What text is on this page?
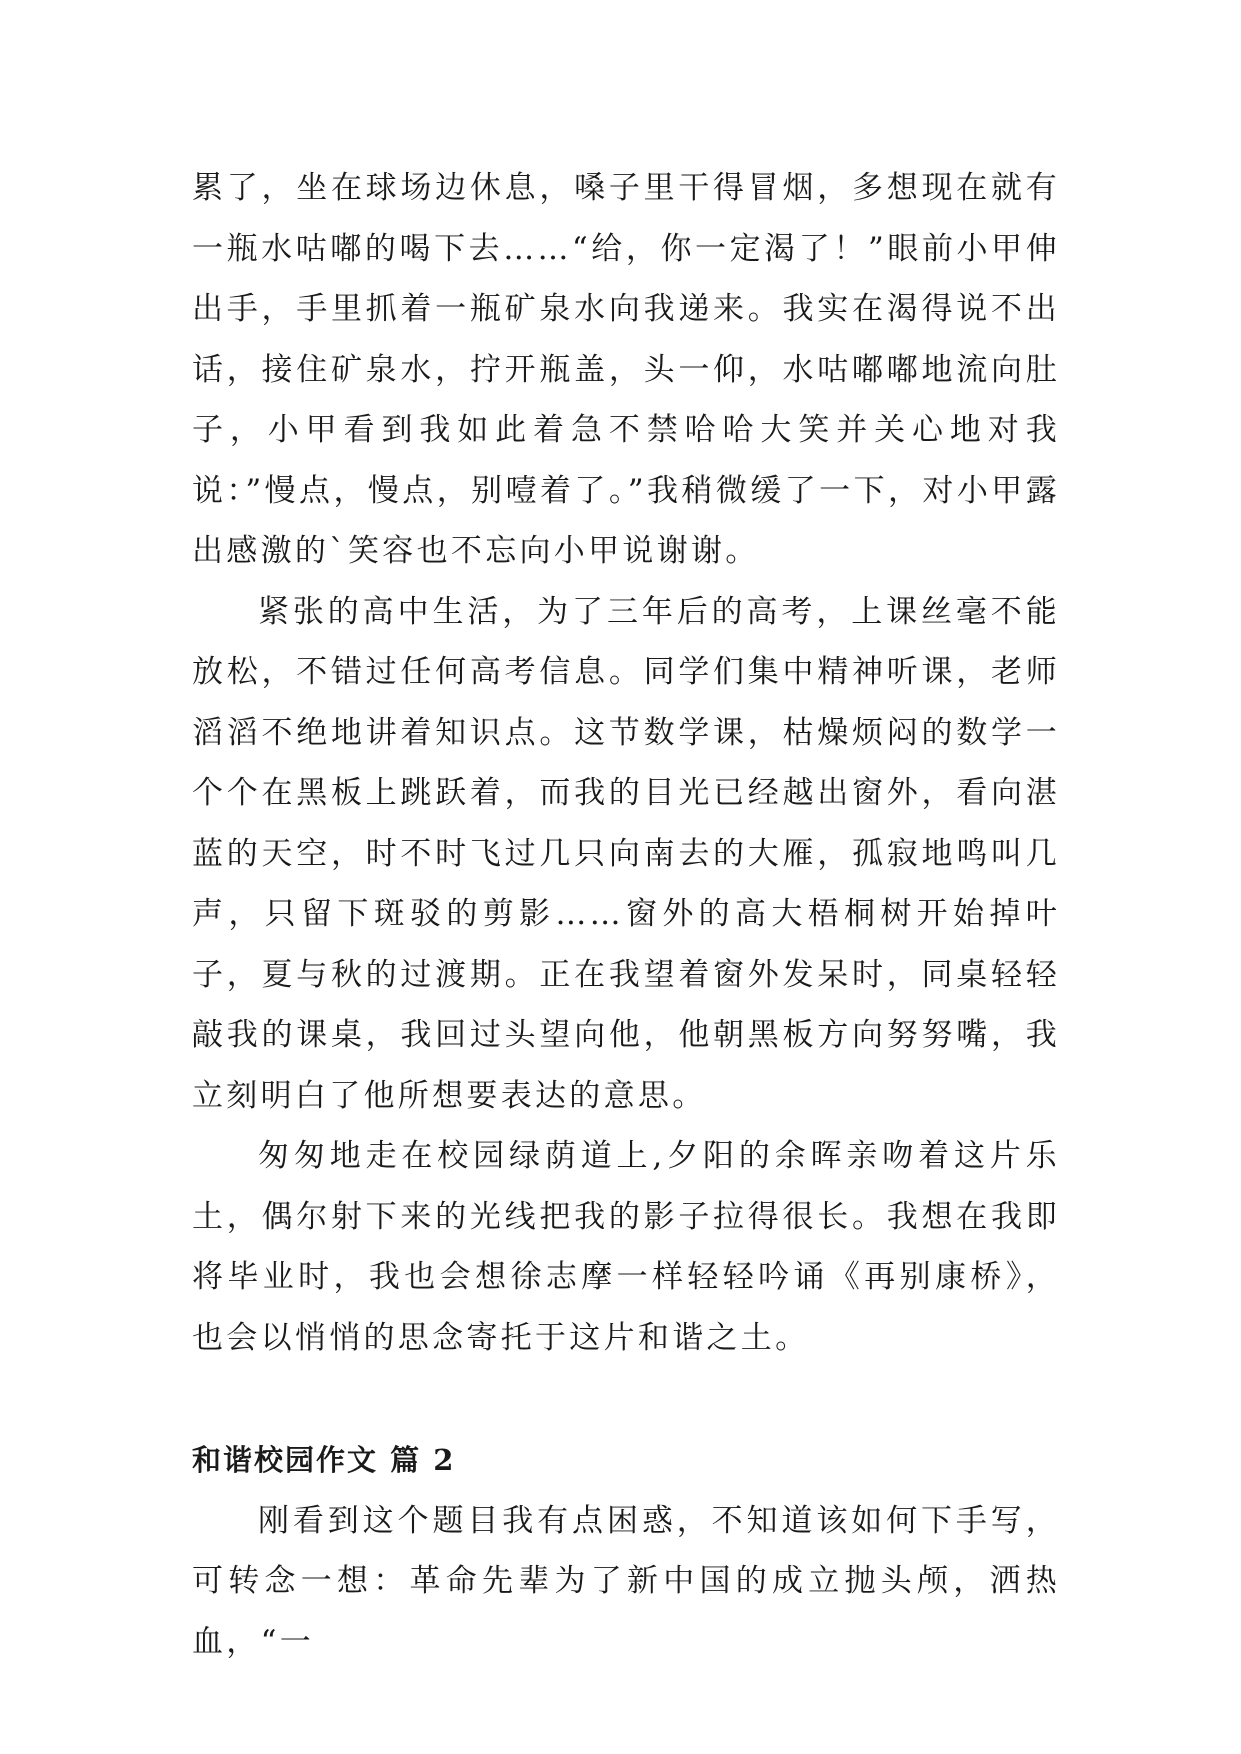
累了，坐在球场边休息，嗓子里干得冒烟，多想现在就有一瓶水咕嘟的喝下去……“给，你一定渴了！”眼前小甲伸出手，手里抓着一瓶矿泉水向我递来。我实在渴得说不出话，接住矿泉水，拧开瓶盖，头一仰，水咕嘟嘟地流向肚子，小甲看到我如此着急不禁哈哈大笑并关心地对我说：”慢点，慢点，别噎着了。”我稍微缓了一下，对小甲露出感激的`笑容也不忘向小甲说谢谢。

紧张的高中生活，为了三年后的高考，上课丝毫不能放松，不错过任何高考信息。同学们集中精神听课，老师滔滔不绝地讲着知识点。这节数学课，枯燥烦闷的数学一个个在黑板上跳跃着，而我的目光已经越出窗外，看向湛蓝的天空，时不时飞过几只向南去的大雁，孤寂地鸣叫几声，只留下斑驳的剪影……窗外的高大梧桐树开始掉叶子，夏与秋的过渡期。正在我望着窗外发呆时，同桌轻轻敲我的课桌，我回过头望向他，他朝黑板方向努努嘴，我立刻明白了他所想要表达的意思。

匆匆地走在校园绿荫道上,夕阳的余晖亲吻着这片乐土，偶尔射下来的光线把我的影子拉得很长。我想在我即将毕业时，我也会想徐志摩一样轻轻吟诵《再别康桥》，也会以悄悄的思念寄托于这片和谐之土。

和谐校园作文 篇 2

刚看到这个题目我有点困惑，不知道该如何下手写，可转念一想：革命先辈为了新中国的成立抛头颅，洒热血，“一
